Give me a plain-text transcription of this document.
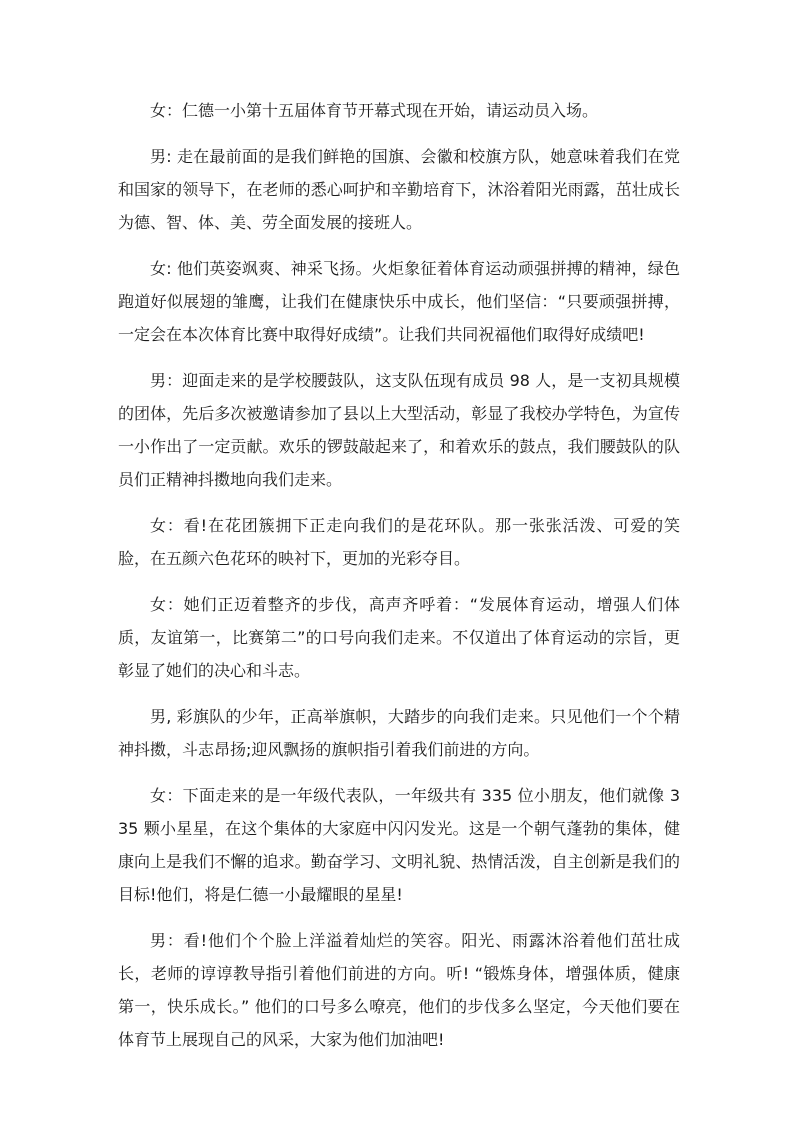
女：仁德一小第十五届体育节开幕式现在开始，请运动员入场。

男: 走在最前面的是我们鲜艳的国旗、会徽和校旗方队，她意味着我们在党和国家的领导下，在老师的悉心呵护和辛勤培育下，沐浴着阳光雨露，茁壮成长为德、智、体、美、劳全面发展的接班人。

女: 他们英姿飒爽、神采飞扬。火炬象征着体育运动顽强拼搏的精神，绿色跑道好似展翅的雏鹰，让我们在健康快乐中成长，他们坚信：“只要顽强拼搏，一定会在本次体育比赛中取得好成绩”。让我们共同祝福他们取得好成绩吧!

男：迎面走来的是学校腰鼓队，这支队伍现有成员 98 人，是一支初具规模的团体，先后多次被邀请参加了县以上大型活动，彰显了我校办学特色，为宣传一小作出了一定贡献。欢乐的锣鼓敲起来了，和着欢乐的鼓点，我们腰鼓队的队员们正精神抖擞地向我们走来。

女：看!在花团簇拥下正走向我们的是花环队。那一张张活泼、可爱的笑脸，在五颜六色花环的映衬下，更加的光彩夺目。

女：她们正迈着整齐的步伐，高声齐呼着：“发展体育运动，增强人们体质，友谊第一，比赛第二”的口号向我们走来。不仅道出了体育运动的宗旨，更彰显了她们的决心和斗志。

男, 彩旗队的少年，正高举旗帜，大踏步的向我们走来。只见他们一个个精神抖擞，斗志昂扬;迎风飘扬的旗帜指引着我们前进的方向。

女：下面走来的是一年级代表队，一年级共有 335 位小朋友，他们就像 335 颗小星星，在这个集体的大家庭中闪闪发光。这是一个朝气蓬勃的集体，健康向上是我们不懈的追求。勤奋学习、文明礼貌、热情活泼，自主创新是我们的目标!他们，将是仁德一小最耀眼的星星!

男：看!他们个个脸上洋溢着灿烂的笑容。阳光、雨露沐浴着他们茁壮成长，老师的谆谆教导指引着他们前进的方向。听! “锻炼身体，增强体质，健康第一，快乐成长。” 他们的口号多么嘹亮，他们的步伐多么坚定，今天他们要在体育节上展现自己的风采，大家为他们加油吧!
